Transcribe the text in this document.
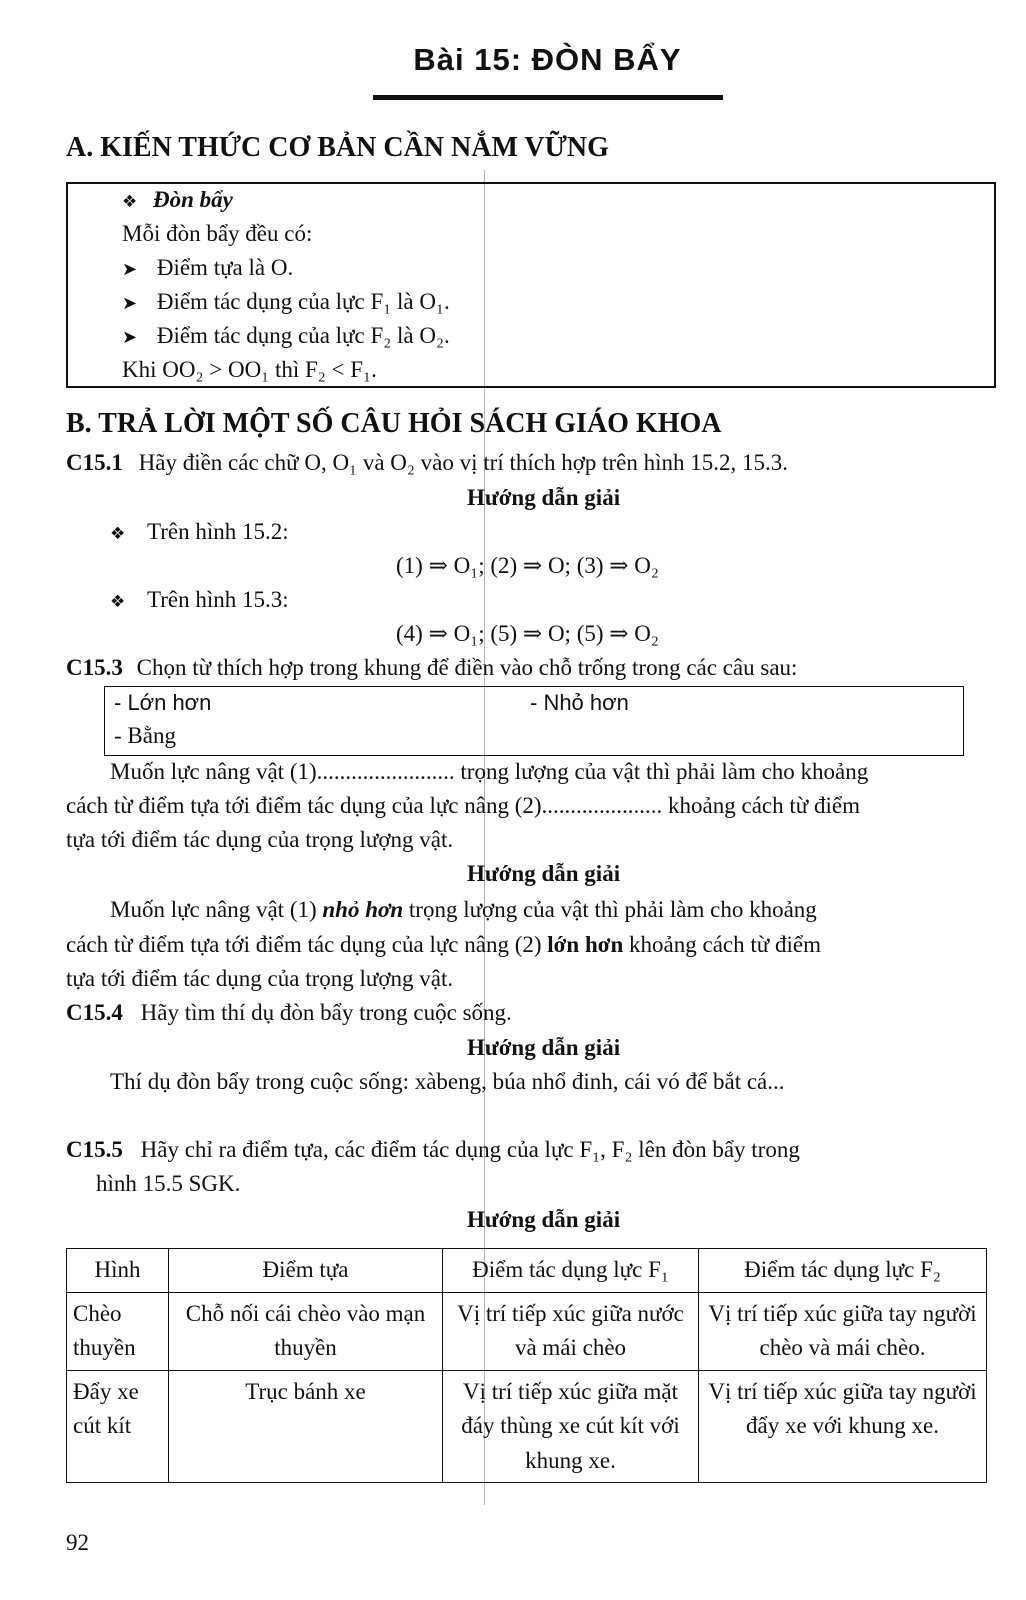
Bài 15: ĐÒN BẨY
A. KIẾN THỨC CƠ BẢN CẦN NẮM VỮNG
❖ Đòn bẩy
Mỗi đòn bẩy đều có:
➤ Điểm tựa là O.
➤ Điểm tác dụng của lực F₁ là O₁.
➤ Điểm tác dụng của lực F₂ là O₂.
Khi OO₂ > OO₁ thì F₂ < F₁.
B. TRẢ LỜI MỘT SỐ CÂU HỎI SÁCH GIÁO KHOA
C15.1 Hãy điền các chữ O, O₁ và O₂ vào vị trí thích hợp trên hình 15.2, 15.3.
Hướng dẫn giải
❖ Trên hình 15.2:
(1) ⇒ O₁; (2) ⇒ O; (3) ⇒ O₂
❖ Trên hình 15.3:
(4) ⇒ O₁; (5) ⇒ O; (5) ⇒ O₂
C15.3 Chọn từ thích hợp trong khung để điền vào chỗ trống trong các câu sau:
- Lớn hơn	- Nhỏ hơn
- Bằng
Muốn lực nâng vật (1)........................ trọng lượng của vật thì phải làm cho khoảng
cách từ điểm tựa tới điểm tác dụng của lực nâng (2)..................... khoảng cách từ điểm
tựa tới điểm tác dụng của trọng lượng vật.
Hướng dẫn giải
Muốn lực nâng vật (1) nhỏ hơn trọng lượng của vật thì phải làm cho khoảng
cách từ điểm tựa tới điểm tác dụng của lực nâng (2) lớn hơn khoảng cách từ điểm
tựa tới điểm tác dụng của trọng lượng vật.
C15.4 Hãy tìm thí dụ đòn bẩy trong cuộc sống.
Hướng dẫn giải
Thí dụ đòn bẩy trong cuộc sống: xàbeng, búa nhổ đinh, cái vó để bắt cá...
C15.5 Hãy chỉ ra điểm tựa, các điểm tác dụng của lực F₁, F₂ lên đòn bẩy trong
hình 15.5 SGK.
Hướng dẫn giải
Hình	Điểm tựa	Điểm tác dụng lực F₁	Điểm tác dụng lực F₂
Chèo thuyền	Chỗ nối cái chèo vào mạn thuyền	Vị trí tiếp xúc giữa nước và mái chèo	Vị trí tiếp xúc giữa tay người chèo và mái chèo.
Đẩy xe cút kít	Trục bánh xe	Vị trí tiếp xúc giữa mặt đáy thùng xe cút kít với khung xe.	Vị trí tiếp xúc giữa tay người đẩy xe với khung xe.
92
